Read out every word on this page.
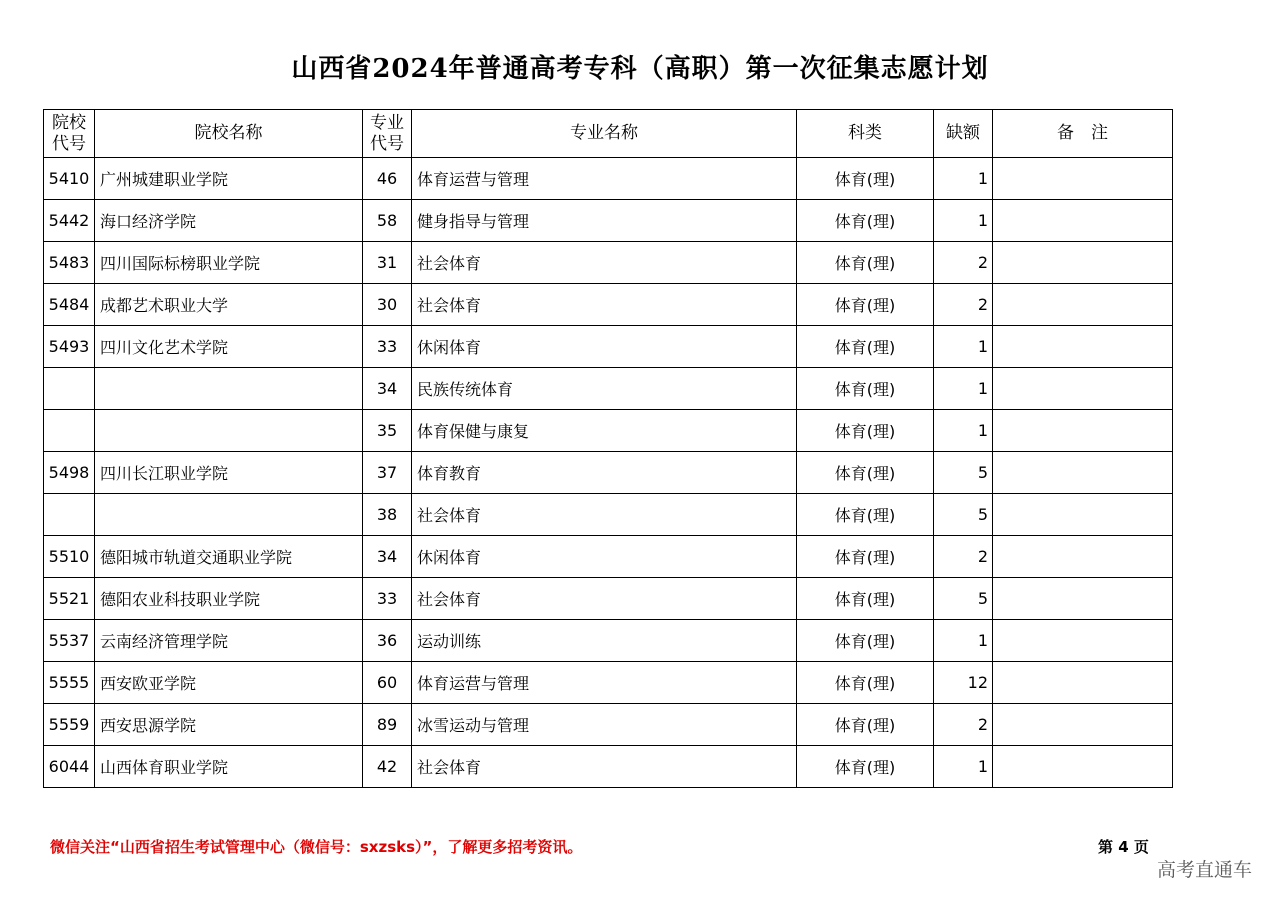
山西省2024年普通高考专科（高职）第一次征集志愿计划
院校代号	院校名称	专业代号	专业名称	科类	缺额	备　注
5410	广州城建职业学院	46	体育运营与管理	体育(理)	1	
5442	海口经济学院	58	健身指导与管理	体育(理)	1	
5483	四川国际标榜职业学院	31	社会体育	体育(理)	2	
5484	成都艺术职业大学	30	社会体育	体育(理)	2	
5493	四川文化艺术学院	33	休闲体育	体育(理)	1	
		34	民族传统体育	体育(理)	1	
		35	体育保健与康复	体育(理)	1	
5498	四川长江职业学院	37	体育教育	体育(理)	5	
		38	社会体育	体育(理)	5	
5510	德阳城市轨道交通职业学院	34	休闲体育	体育(理)	2	
5521	德阳农业科技职业学院	33	社会体育	体育(理)	5	
5537	云南经济管理学院	36	运动训练	体育(理)	1	
5555	西安欧亚学院	60	体育运营与管理	体育(理)	12	
5559	西安思源学院	89	冰雪运动与管理	体育(理)	2	
6044	山西体育职业学院	42	社会体育	体育(理)	1	
微信关注“山西省招生考试管理中心（微信号：sxzsks）”，了解更多招考资讯。	第 4 页
高考直通车
